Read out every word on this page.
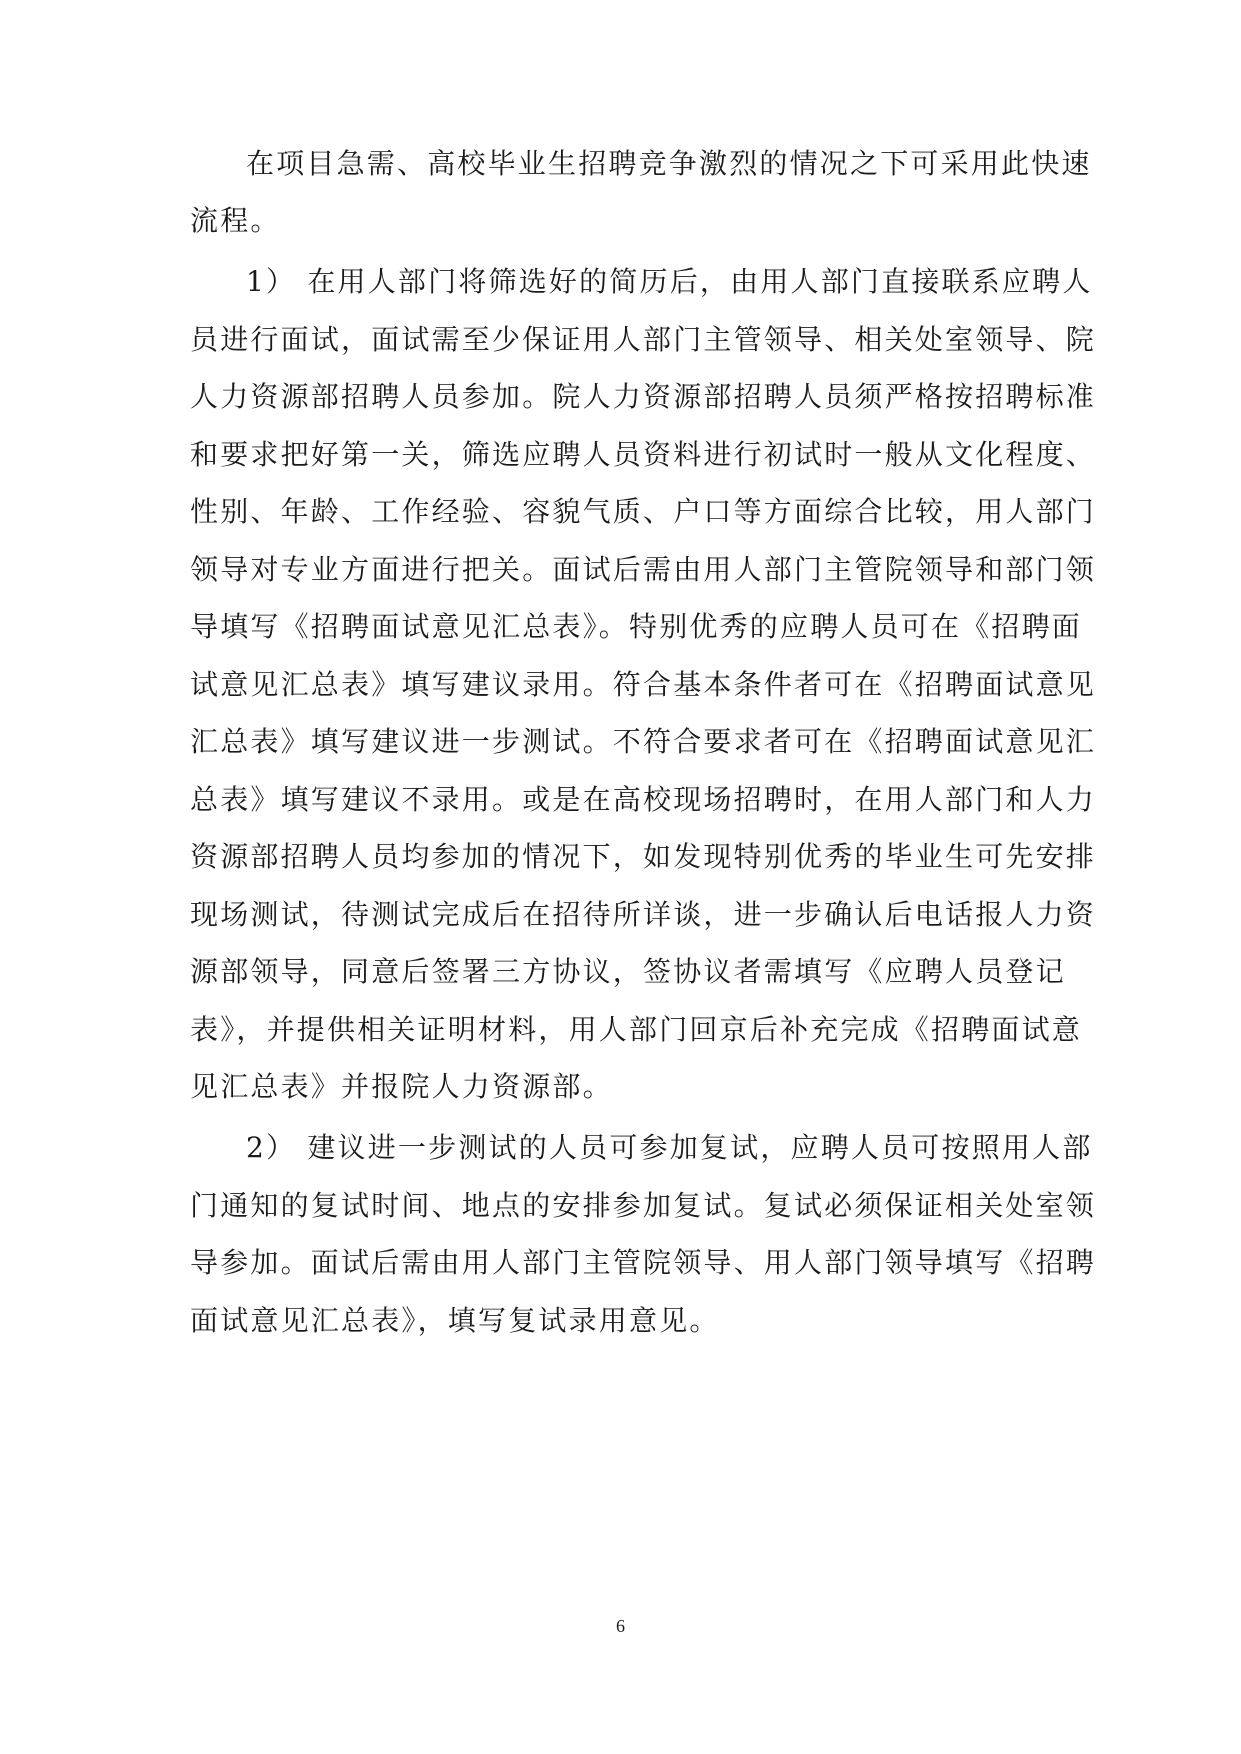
在项目急需、高校毕业生招聘竞争激烈的情况之下可采用此快速
流程。
1） 在用人部门将筛选好的简历后，由用人部门直接联系应聘人
员进行面试，面试需至少保证用人部门主管领导、相关处室领导、院
人力资源部招聘人员参加。院人力资源部招聘人员须严格按招聘标准
和要求把好第一关，筛选应聘人员资料进行初试时一般从文化程度、
性别、年龄、工作经验、容貌气质、户口等方面综合比较，用人部门
领导对专业方面进行把关。面试后需由用人部门主管院领导和部门领
导填写《招聘面试意见汇总表》。特别优秀的应聘人员可在《招聘面
试意见汇总表》填写建议录用。符合基本条件者可在《招聘面试意见
汇总表》填写建议进一步测试。不符合要求者可在《招聘面试意见汇
总表》填写建议不录用。或是在高校现场招聘时，在用人部门和人力
资源部招聘人员均参加的情况下，如发现特别优秀的毕业生可先安排
现场测试，待测试完成后在招待所详谈，进一步确认后电话报人力资
源部领导，同意后签署三方协议，签协议者需填写《应聘人员登记
表》，并提供相关证明材料，用人部门回京后补充完成《招聘面试意
见汇总表》并报院人力资源部。
2） 建议进一步测试的人员可参加复试，应聘人员可按照用人部
门通知的复试时间、地点的安排参加复试。复试必须保证相关处室领
导参加。面试后需由用人部门主管院领导、用人部门领导填写《招聘
面试意见汇总表》，填写复试录用意见。
6
